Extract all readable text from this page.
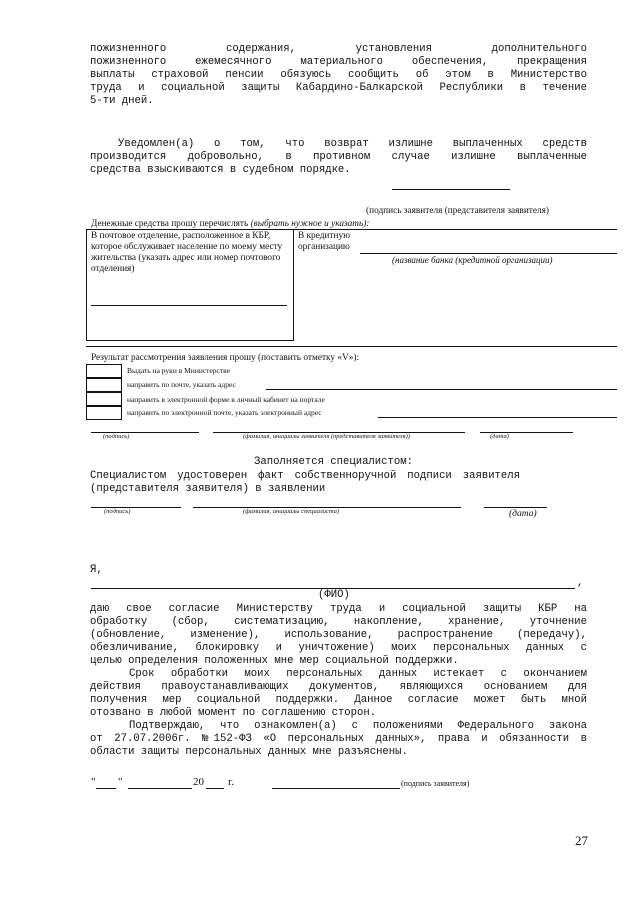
пожизненного содержания, установления дополнительного
пожизненного ежемесячного материального обеспечения, прекращения
выплаты страховой пенсии обязуюсь сообщить об этом в Министерство
труда и социальной защиты Кабардино-Балкарской Республики в течение
5-ти дней.
Уведомлен(а) о том, что возврат излишне выплаченных средств
производится добровольно, в противном случае излишне выплаченные
средства взыскиваются в судебном порядке.
(подпись заявителя (представителя заявителя)
Денежные средства прошу перечислять (выбрать нужное и указать):
В почтовое отделение, расположенное в КБР, которое обслуживает население по моему месту жительства (указать адрес или номер почтового отделения)
В кредитную
организацию
(название банка (кредитной организации)
Результат рассмотрения заявления прошу (поставить отметку «V»):
Выдать на руки в Министерстве
направить по почте, указать адрес
направить в электронной форме в личный кабинет на портале
направить по электронной почте, указать электронный адрес
(подпись)	(фамилия, инициалы заявителя (представителя заявителя))	(дата)
Заполняется специалистом:
Специалистом удостоверен факт собственноручной подписи заявителя
(представителя заявителя) в заявлении
(подпись)	(фамилия, инициалы специалиста)	(дата)
Я,
,
(ФИО)
даю свое согласие Министерству труда и социальной защиты КБР на
обработку (сбор, систематизацию, накопление, хранение, уточнение
(обновление, изменение), использование, распространение (передачу),
обезличивание, блокировку и уничтожение) моих персональных данных с
целью определения положенных мне мер социальной поддержки.
Срок обработки моих персональных данных истекает с окончанием
действия правоустанавливающих документов, являющихся основанием для
получения мер социальной поддержки. Данное согласие может быть мной
отозвано в любой момент по соглашению сторон.
Подтверждаю, что ознакомлен(а) с положениями Федерального закона
от 27.07.2006г. №152-ФЗ «О персональных данных», права и обязанности в
области защиты персональных данных мне разъяснены.
" "	20 г.	(подпись заявителя)
27
